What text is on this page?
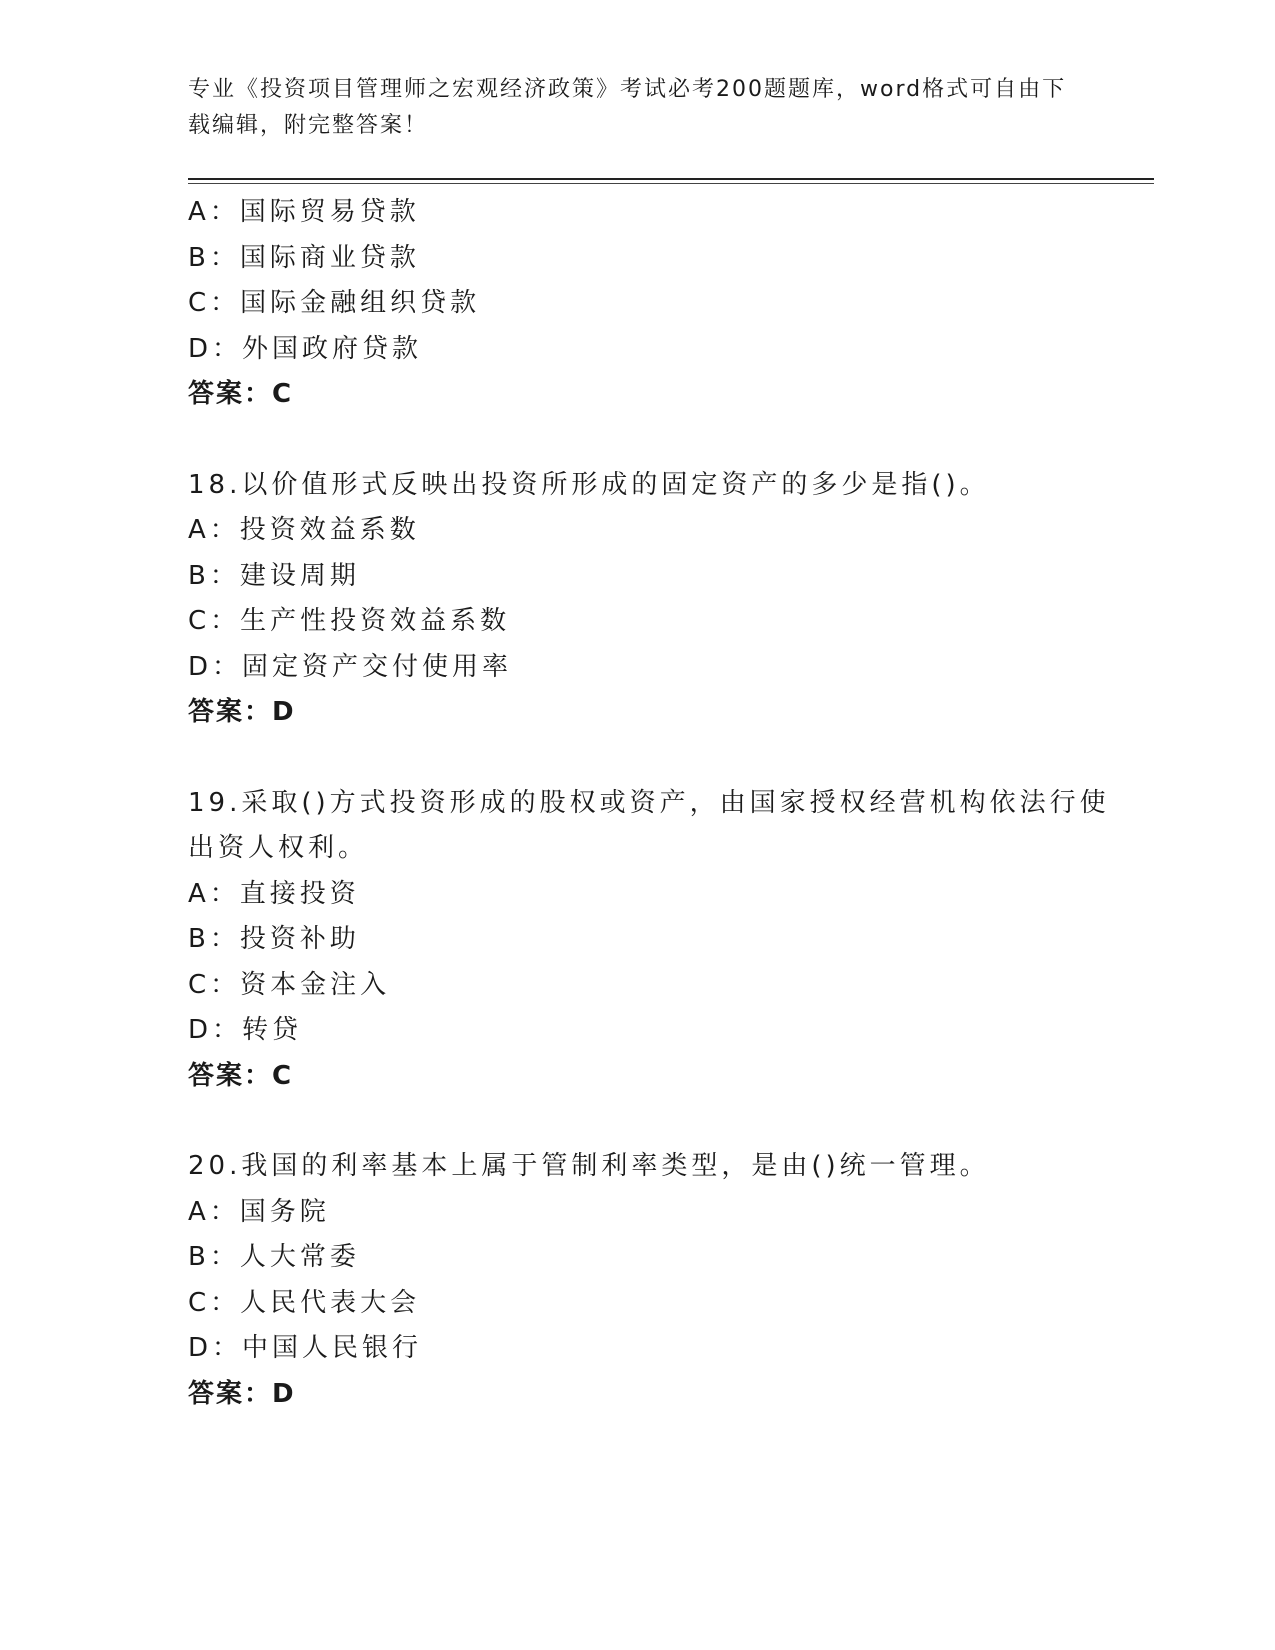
专业《投资项目管理师之宏观经济政策》考试必考200题题库，word格式可自由下载编辑，附完整答案！
A：国际贸易贷款
B：国际商业贷款
C：国际金融组织贷款
D：外国政府贷款
答案：C
18.以价值形式反映出投资所形成的固定资产的多少是指()。
A：投资效益系数
B：建设周期
C：生产性投资效益系数
D：固定资产交付使用率
答案：D
19.采取()方式投资形成的股权或资产，由国家授权经营机构依法行使
出资人权利。
A：直接投资
B：投资补助
C：资本金注入
D：转贷
答案：C
20.我国的利率基本上属于管制利率类型，是由()统一管理。
A：国务院
B：人大常委
C：人民代表大会
D：中国人民银行
答案：D
